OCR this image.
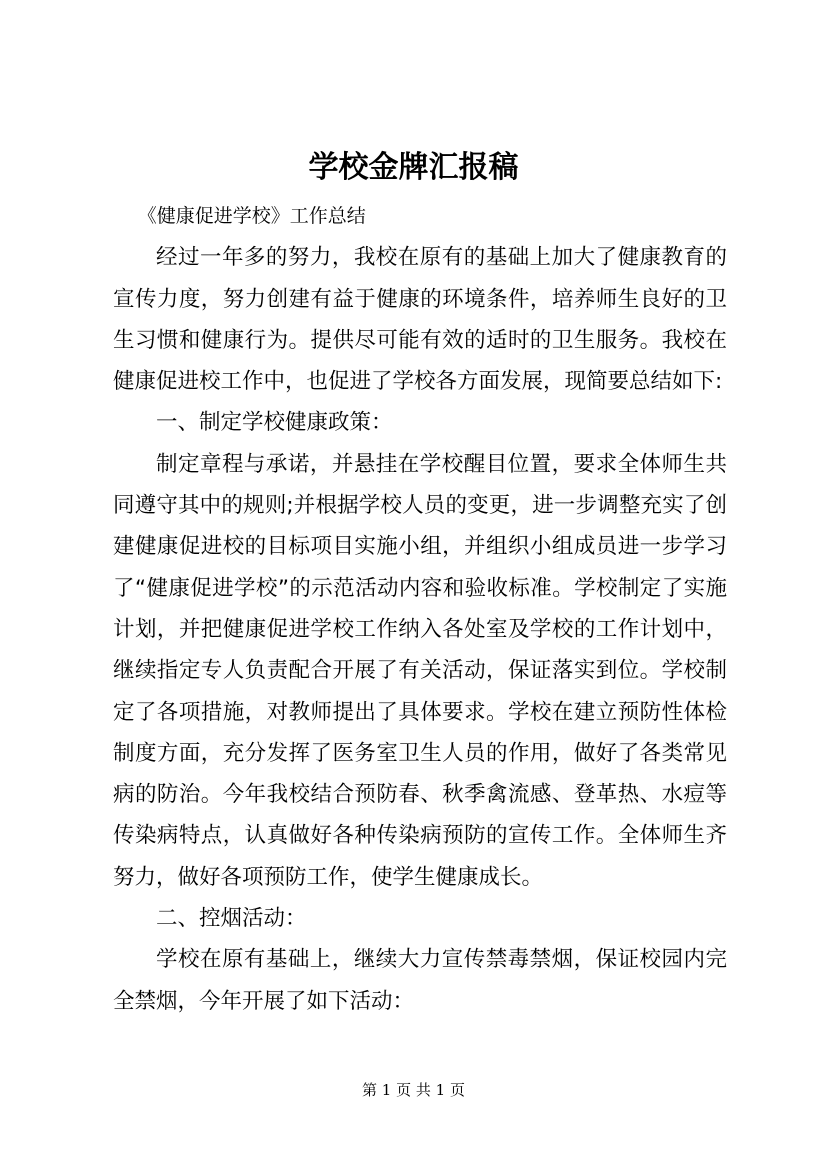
学校金牌汇报稿

《健康促进学校》工作总结

经过一年多的努力，我校在原有的基础上加大了健康教育的宣传力度，努力创建有益于健康的环境条件，培养师生良好的卫生习惯和健康行为。提供尽可能有效的适时的卫生服务。我校在健康促进校工作中，也促进了学校各方面发展，现简要总结如下:

一、制定学校健康政策：

制定章程与承诺，并悬挂在学校醒目位置，要求全体师生共同遵守其中的规则;并根据学校人员的变更，进一步调整充实了创建健康促进校的目标项目实施小组，并组织小组成员进一步学习了“健康促进学校”的示范活动内容和验收标准。学校制定了实施计划，并把健康促进学校工作纳入各处室及学校的工作计划中，继续指定专人负责配合开展了有关活动，保证落实到位。学校制定了各项措施，对教师提出了具体要求。学校在建立预防性体检制度方面，充分发挥了医务室卫生人员的作用，做好了各类常见病的防治。今年我校结合预防春、秋季禽流感、登革热、水痘等传染病特点，认真做好各种传染病预防的宣传工作。全体师生齐努力，做好各项预防工作，使学生健康成长。

二、控烟活动：

学校在原有基础上，继续大力宣传禁毒禁烟，保证校园内完全禁烟，今年开展了如下活动：

第 1 页 共 1 页
